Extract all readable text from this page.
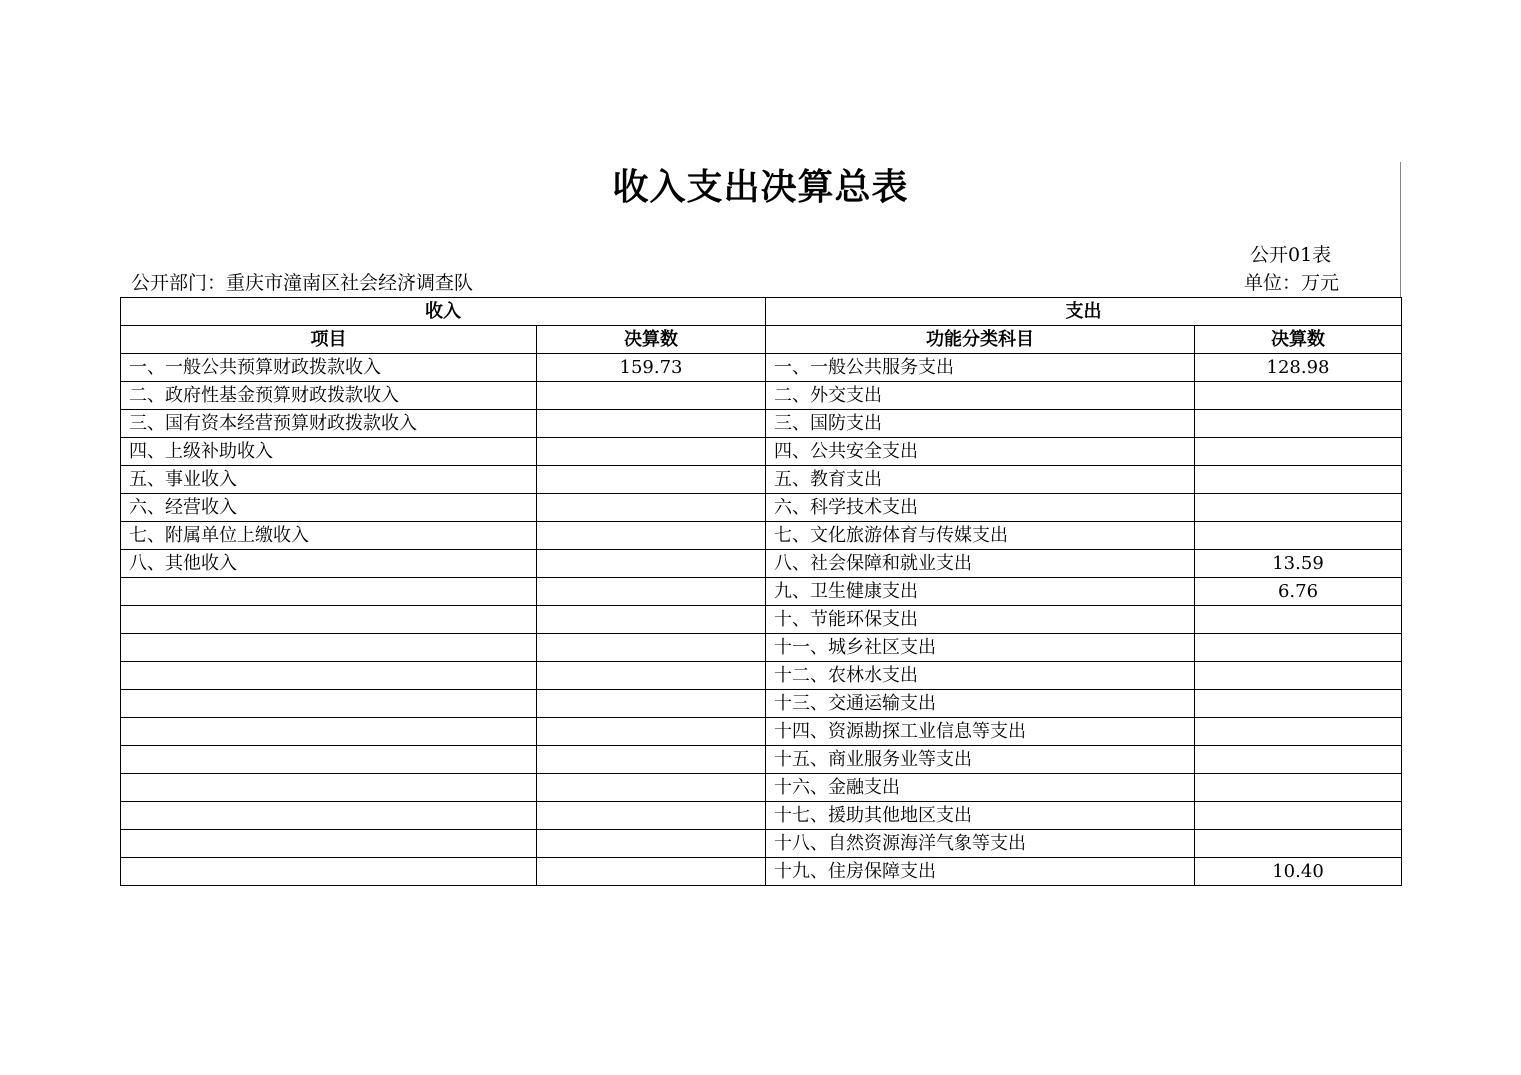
收入支出决算总表
公开01表
公开部门：重庆市潼南区社会经济调查队	单位：万元
收入		支出	
项目	决算数	功能分类科目	决算数
一、一般公共预算财政拨款收入	159.73	一、一般公共服务支出	128.98
二、政府性基金预算财政拨款收入		二、外交支出	
三、国有资本经营预算财政拨款收入		三、国防支出	
四、上级补助收入		四、公共安全支出	
五、事业收入		五、教育支出	
六、经营收入		六、科学技术支出	
七、附属单位上缴收入		七、文化旅游体育与传媒支出	
八、其他收入		八、社会保障和就业支出	13.59
		九、卫生健康支出	6.76
		十、节能环保支出	
		十一、城乡社区支出	
		十二、农林水支出	
		十三、交通运输支出	
		十四、资源勘探工业信息等支出	
		十五、商业服务业等支出	
		十六、金融支出	
		十七、援助其他地区支出	
		十八、自然资源海洋气象等支出	
		十九、住房保障支出	10.40
